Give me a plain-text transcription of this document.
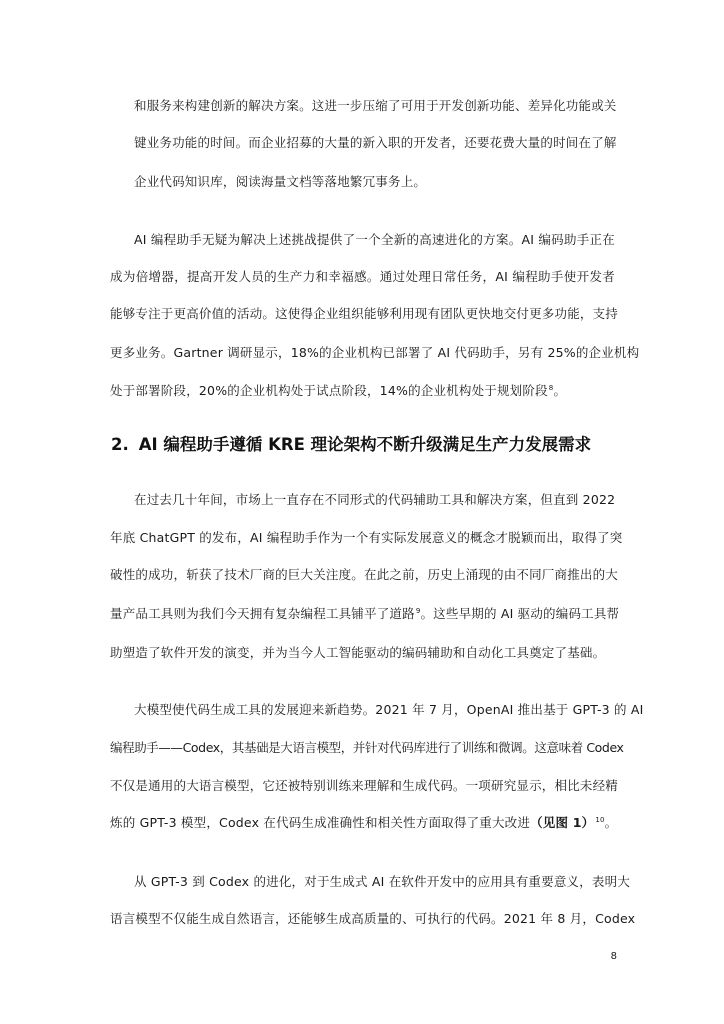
和服务来构建创新的解决方案。这进一步压缩了可用于开发创新功能、差异化功能或关
键业务功能的时间。而企业招募的大量的新入职的开发者，还要花费大量的时间在了解
企业代码知识库，阅读海量文档等落地繁冗事务上。
AI 编程助手无疑为解决上述挑战提供了一个全新的高速进化的方案。AI 编码助手正在
成为倍增器，提高开发人员的生产力和幸福感。通过处理日常任务，AI 编程助手使开发者
能够专注于更高价值的活动。这使得企业组织能够利用现有团队更快地交付更多功能，支持
更多业务。Gartner 调研显示，18%的企业机构已部署了 AI 代码助手，另有 25%的企业机构
处于部署阶段，20%的企业机构处于试点阶段，14%的企业机构处于规划阶段$^8$。
2. AI 编程助手遵循 KRE 理论架构不断升级满足生产力发展需求
在过去几十年间，市场上一直存在不同形式的代码辅助工具和解决方案，但直到 2022
年底 ChatGPT 的发布，AI 编程助手作为一个有实际发展意义的概念才脱颖而出，取得了突
破性的成功，斩获了技术厂商的巨大关注度。在此之前，历史上涌现的由不同厂商推出的大
量产品工具则为我们今天拥有复杂编程工具铺平了道路$^9$。这些早期的 AI 驱动的编码工具帮
助塑造了软件开发的演变，并为当今人工智能驱动的编码辅助和自动化工具奠定了基础。
大模型使代码生成工具的发展迎来新趋势。2021 年 7 月，OpenAI 推出基于 GPT-3 的 AI
编程助手——Codex，其基础是大语言模型，并针对代码库进行了训练和微调。这意味着 Codex
不仅是通用的大语言模型，它还被特别训练来理解和生成代码。一项研究显示，相比未经精
炼的 GPT-3 模型，Codex 在代码生成准确性和相关性方面取得了重大改进（见图 1）$^{10}$。
从 GPT-3 到 Codex 的进化，对于生成式 AI 在软件开发中的应用具有重要意义，表明大
语言模型不仅能生成自然语言，还能够生成高质量的、可执行的代码。2021 年 8 月，Codex
8
